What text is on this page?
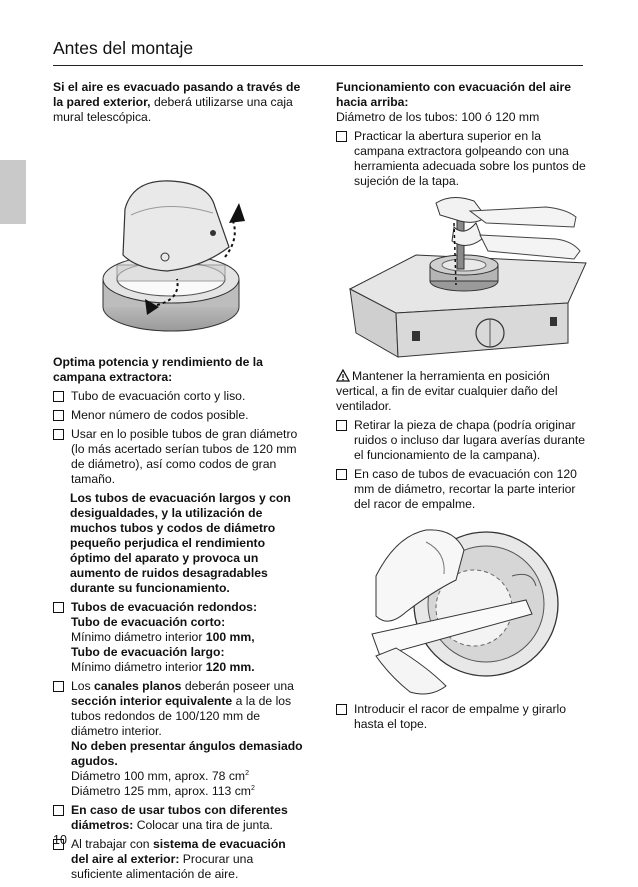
Antes del montaje

Si el aire es evacuado pasando a través de la pared exterior, deberá utilizarse una caja mural telescópica.

Optima potencia y rendimiento de la campana extractora:

Tubo de evacuación corto y liso.
Menor número de codos posible.
Usar en lo posible tubos de gran diámetro (lo más acertado serían tubos de 120 mm de diámetro), así como codos de gran tamaño.

Los tubos de evacuación largos y con desigualdades, y la utilización de muchos tubos y codos de diámetro pequeño perjudica el rendimiento óptimo del aparato y provoca un aumento de ruidos desagradables durante su funcionamiento.

Tubos de evacuación redondos:
Tubo de evacuación corto:
Mínimo diámetro interior 100 mm,
Tubo de evacuación largo:
Mínimo diámetro interior 120 mm.
Los canales planos deberán poseer una sección interior equivalente a la de los tubos redondos de 100/120 mm de diámetro interior.
No deben presentar ángulos demasiado agudos.
Diámetro 100 mm, aprox. 78 $cm^2$
Diámetro 125 mm, aprox. 113 $cm^2$
En caso de usar tubos con diferentes diámetros: Colocar una tira de junta.
Al trabajar con sistema de evacuación del aire al exterior: Procurar una suficiente alimentación de aire.

Funcionamiento con evacuación del aire hacia arriba:

Diámetro de los tubos: 100 ó 120 mm

Practicar la abertura superior en la campana extractora golpeando con una herramienta adecuada sobre los puntos de sujeción de la tapa.

Mantener la herramienta en posición vertical, a fin de evitar cualquier daño del ventilador.

Retirar la pieza de chapa (podría originar ruidos o incluso dar lugara averías durante el funcionamiento de la campana).
En caso de tubos de evacuación con 120 mm de diámetro, recortar la parte interior del racor de empalme.
Introducir el racor de empalme y girarlo hasta el tope.
10
